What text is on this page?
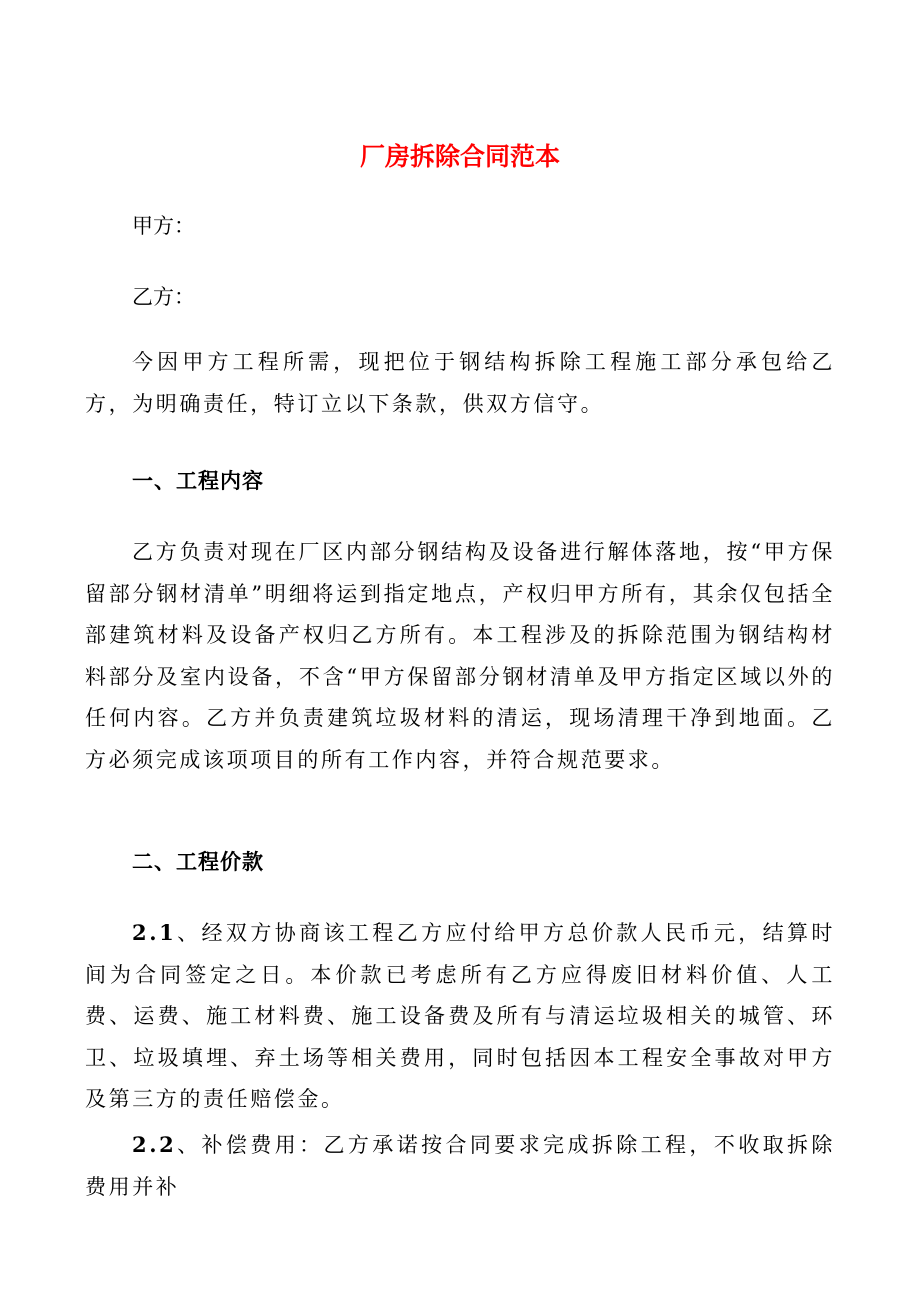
厂房拆除合同范本
甲方：
乙方：
今因甲方工程所需，现把位于钢结构拆除工程施工部分承包给乙方，为明确责任，特订立以下条款，供双方信守。
一、工程内容
乙方负责对现在厂区内部分钢结构及设备进行解体落地，按“甲方保留部分钢材清单”明细将运到指定地点，产权归甲方所有，其余仅包括全部建筑材料及设备产权归乙方所有。本工程涉及的拆除范围为钢结构材料部分及室内设备，不含“甲方保留部分钢材清单及甲方指定区域以外的任何内容。乙方并负责建筑垃圾材料的清运，现场清理干净到地面。乙方必须完成该项项目的所有工作内容，并符合规范要求。
二、工程价款
2.1、经双方协商该工程乙方应付给甲方总价款人民币元，结算时间为合同签定之日。本价款已考虑所有乙方应得废旧材料价值、人工费、运费、施工材料费、施工设备费及所有与清运垃圾相关的城管、环卫、垃圾填埋、弃土场等相关费用，同时包括因本工程安全事故对甲方及第三方的责任赔偿金。
2.2、补偿费用：乙方承诺按合同要求完成拆除工程，不收取拆除费用并补
